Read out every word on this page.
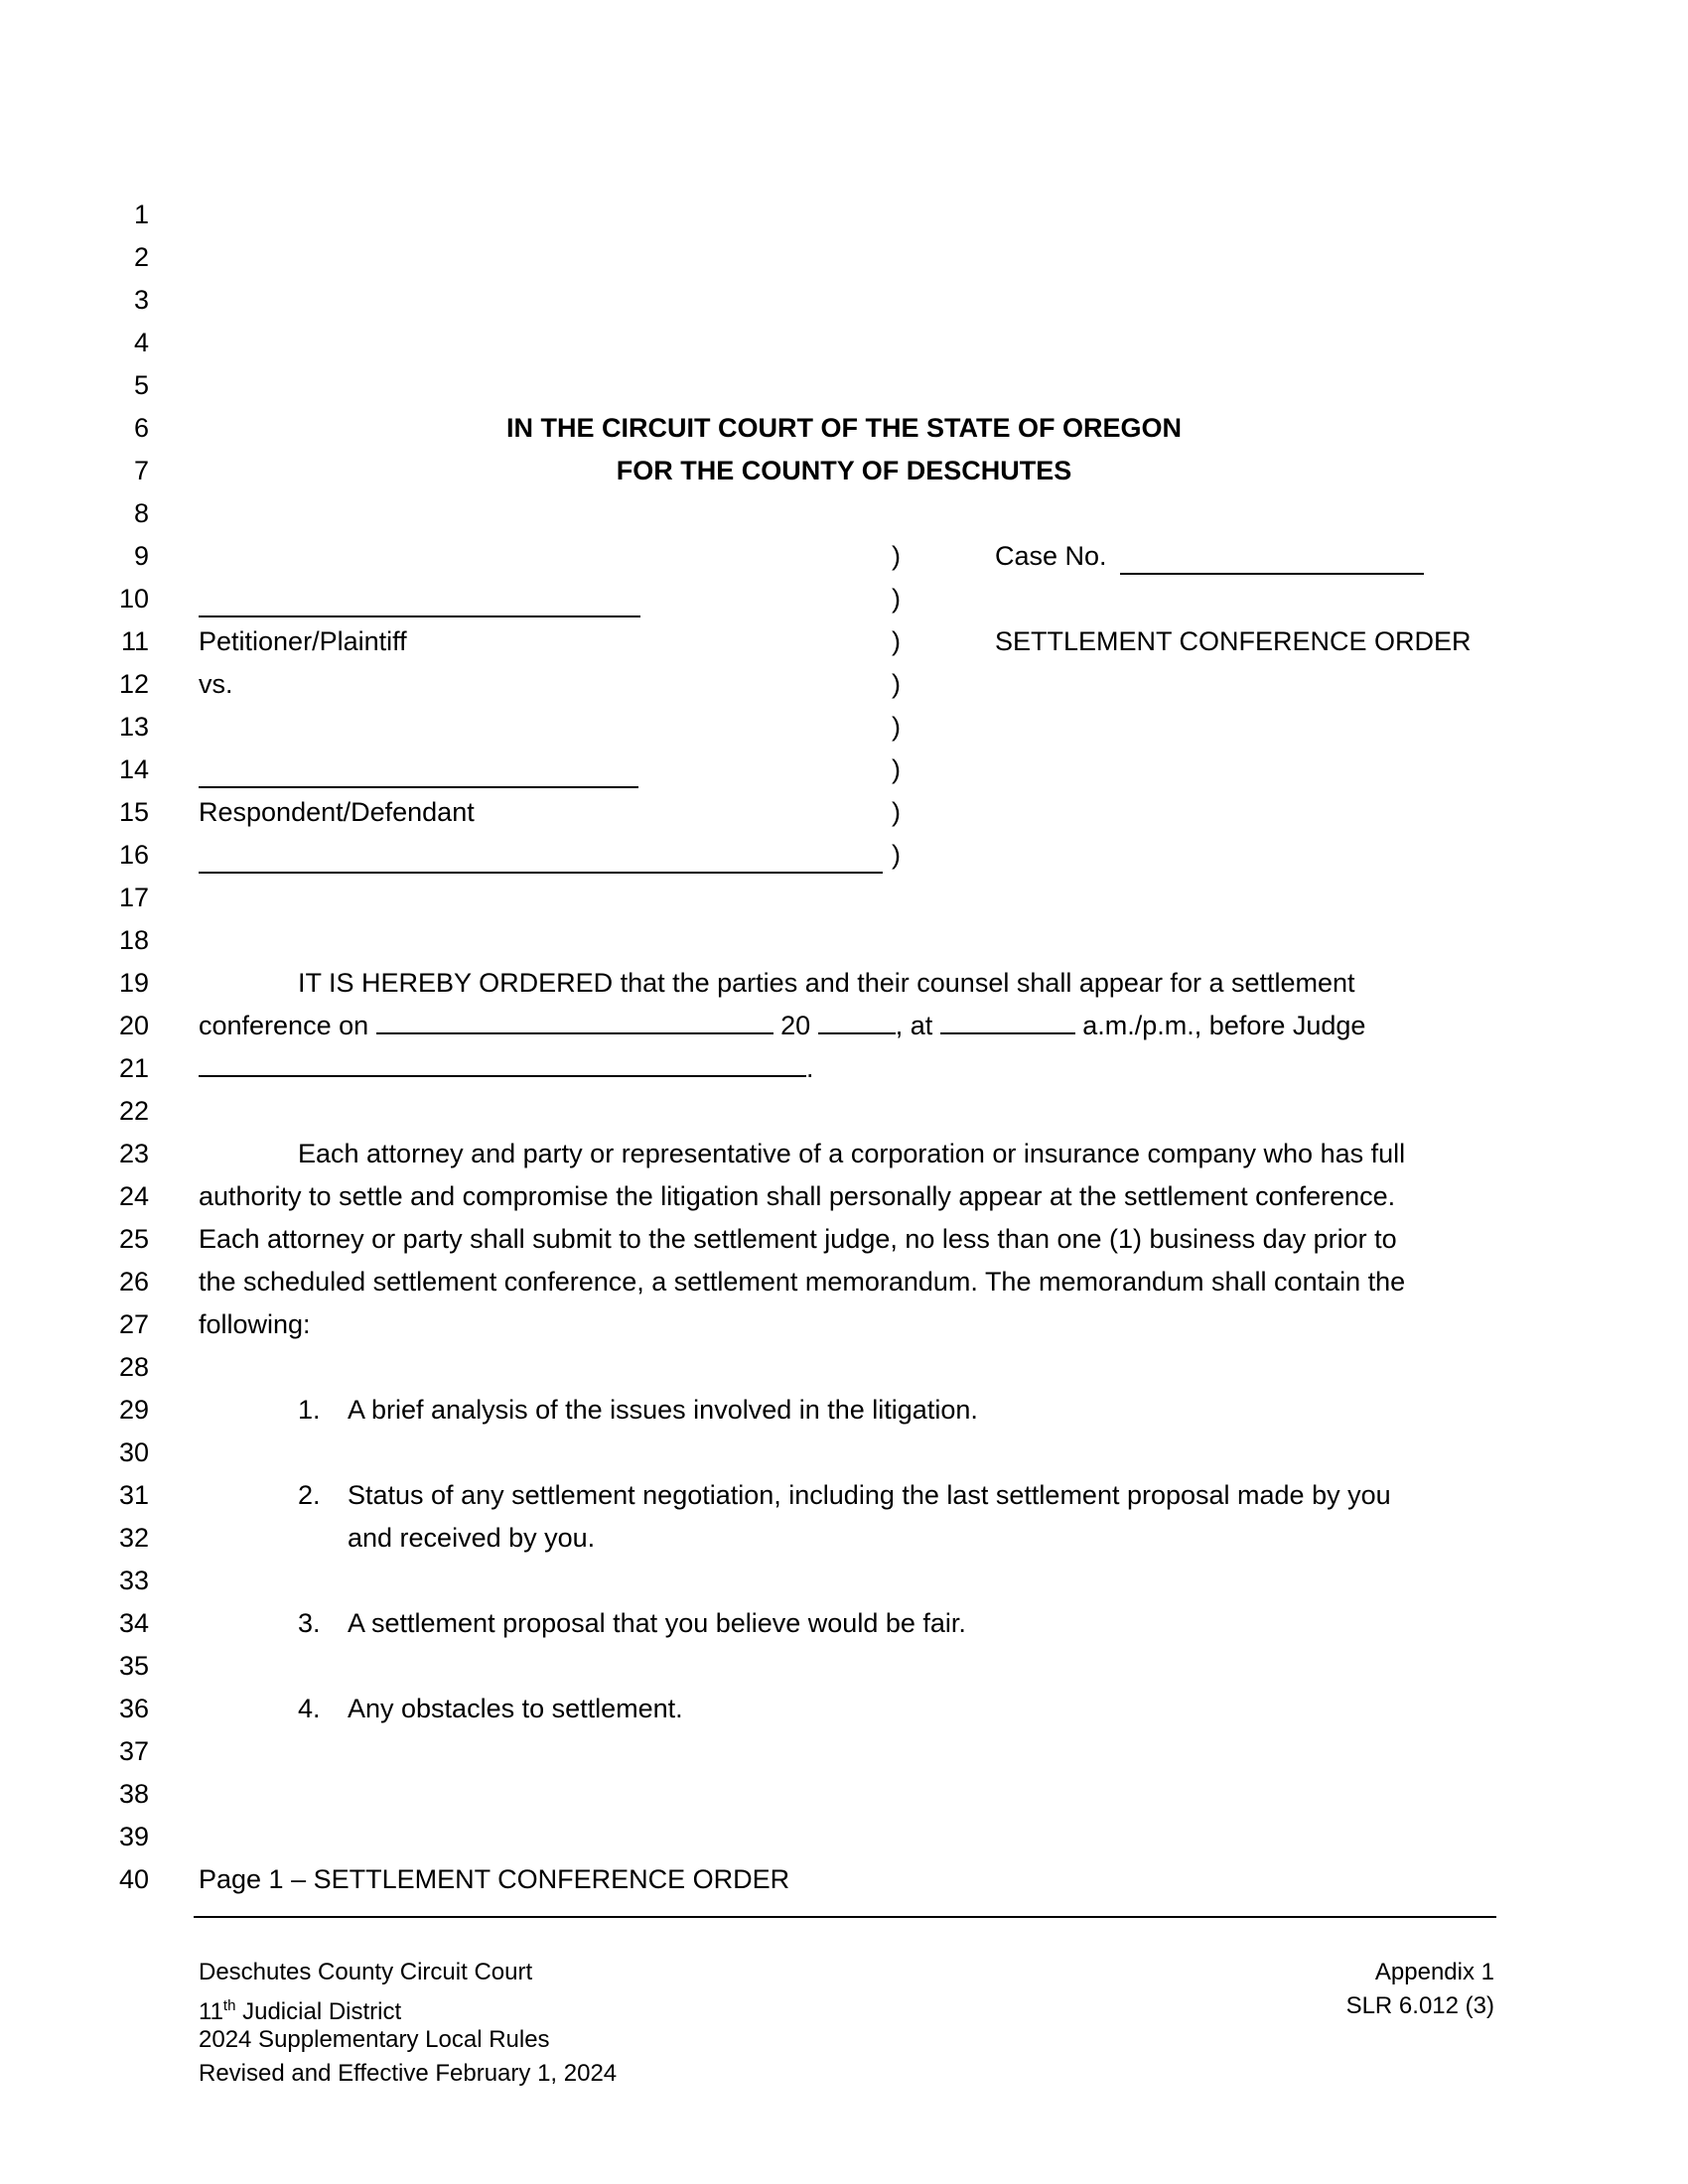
1
2
3
4
5
6
7
8
9
10
11
12
13
14
15
16
17
18
19
20
21
22
23
24
25
26
27
28
29
30
31
32
33
34
35
36
37
38
39
40
IN THE CIRCUIT COURT OF THE STATE OF OREGON
FOR THE COUNTY OF DESCHUTES
)
)
)
)
)
)
)
)
Case No.
Petitioner/Plaintiff	SETTLEMENT CONFERENCE ORDER
vs.
Respondent/Defendant
IT IS HEREBY ORDERED that the parties and their counsel shall appear for a settlement
conference on	20	, at	a.m./p.m., before Judge
.
Each attorney and party or representative of a corporation or insurance company who has full
authority to settle and compromise the litigation shall personally appear at the settlement conference.
Each attorney or party shall submit to the settlement judge, no less than one (1) business day prior to
the scheduled settlement conference, a settlement memorandum. The memorandum shall contain the
following:
1. A brief analysis of the issues involved in the litigation.
2. Status of any settlement negotiation, including the last settlement proposal made by you
and received by you.
3. A settlement proposal that you believe would be fair.
4. Any obstacles to settlement.
Page 1 – SETTLEMENT CONFERENCE ORDER
Deschutes County Circuit Court
11th Judicial District
2024 Supplementary Local Rules
Revised and Effective February 1, 2024
Appendix 1
SLR 6.012 (3)
